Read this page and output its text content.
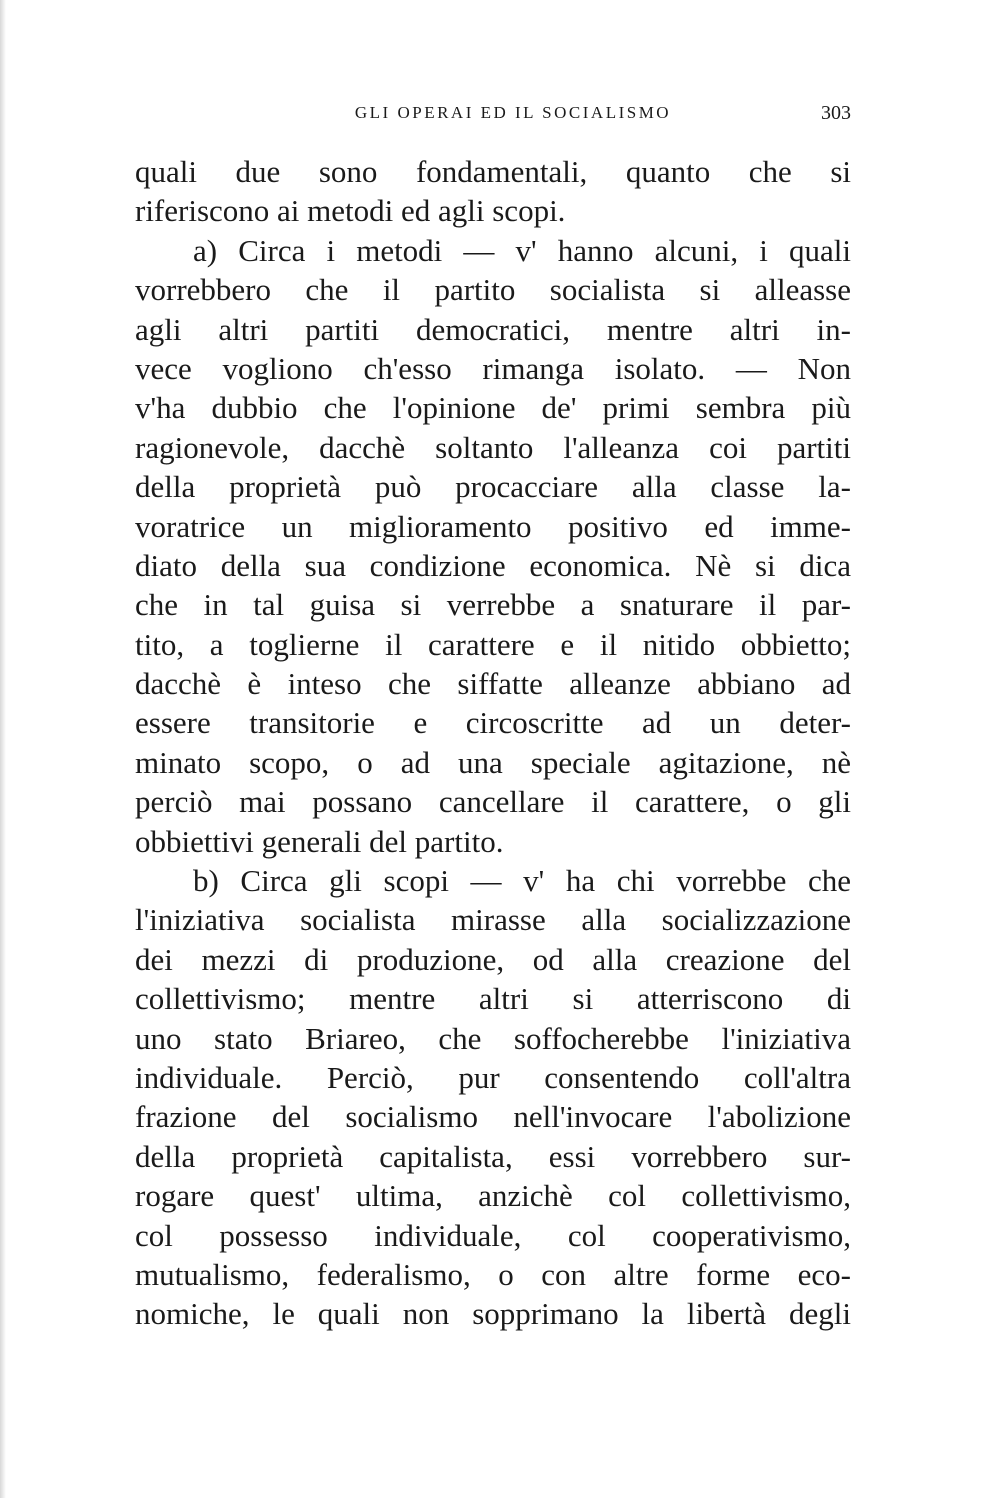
GLI OPERAI ED IL SOCIALISMO	303
quali due sono fondamentali, quanto che si
riferiscono ai metodi ed agli scopi.
a) Circa i metodi — v' hanno alcuni, i quali
vorrebbero che il partito socialista si alleasse
agli altri partiti democratici, mentre altri in-
vece vogliono ch'esso rimanga isolato. — Non
v'ha dubbio che l'opinione de' primi sembra più
ragionevole, dacchè soltanto l'alleanza coi partiti
della proprietà può procacciare alla classe la-
voratrice un miglioramento positivo ed imme-
diato della sua condizione economica. Nè si dica
che in tal guisa si verrebbe a snaturare il par-
tito, a toglierne il carattere e il nitido obbietto;
dacchè è inteso che siffatte alleanze abbiano ad
essere transitorie e circoscritte ad un deter-
minato scopo, o ad una speciale agitazione, nè
perciò mai possano cancellare il carattere, o gli
obbiettivi generali del partito.
b) Circa gli scopi — v' ha chi vorrebbe che
l'iniziativa socialista mirasse alla socializzazione
dei mezzi di produzione, od alla creazione del
collettivismo; mentre altri si atterriscono di
uno stato Briareo, che soffocherebbe l'iniziativa
individuale. Perciò, pur consentendo coll'altra
frazione del socialismo nell'invocare l'abolizione
della proprietà capitalista, essi vorrebbero sur-
rogare quest' ultima, anzichè col collettivismo,
col possesso individuale, col cooperativismo,
mutualismo, federalismo, o con altre forme eco-
nomiche, le quali non sopprimano la libertà degli
